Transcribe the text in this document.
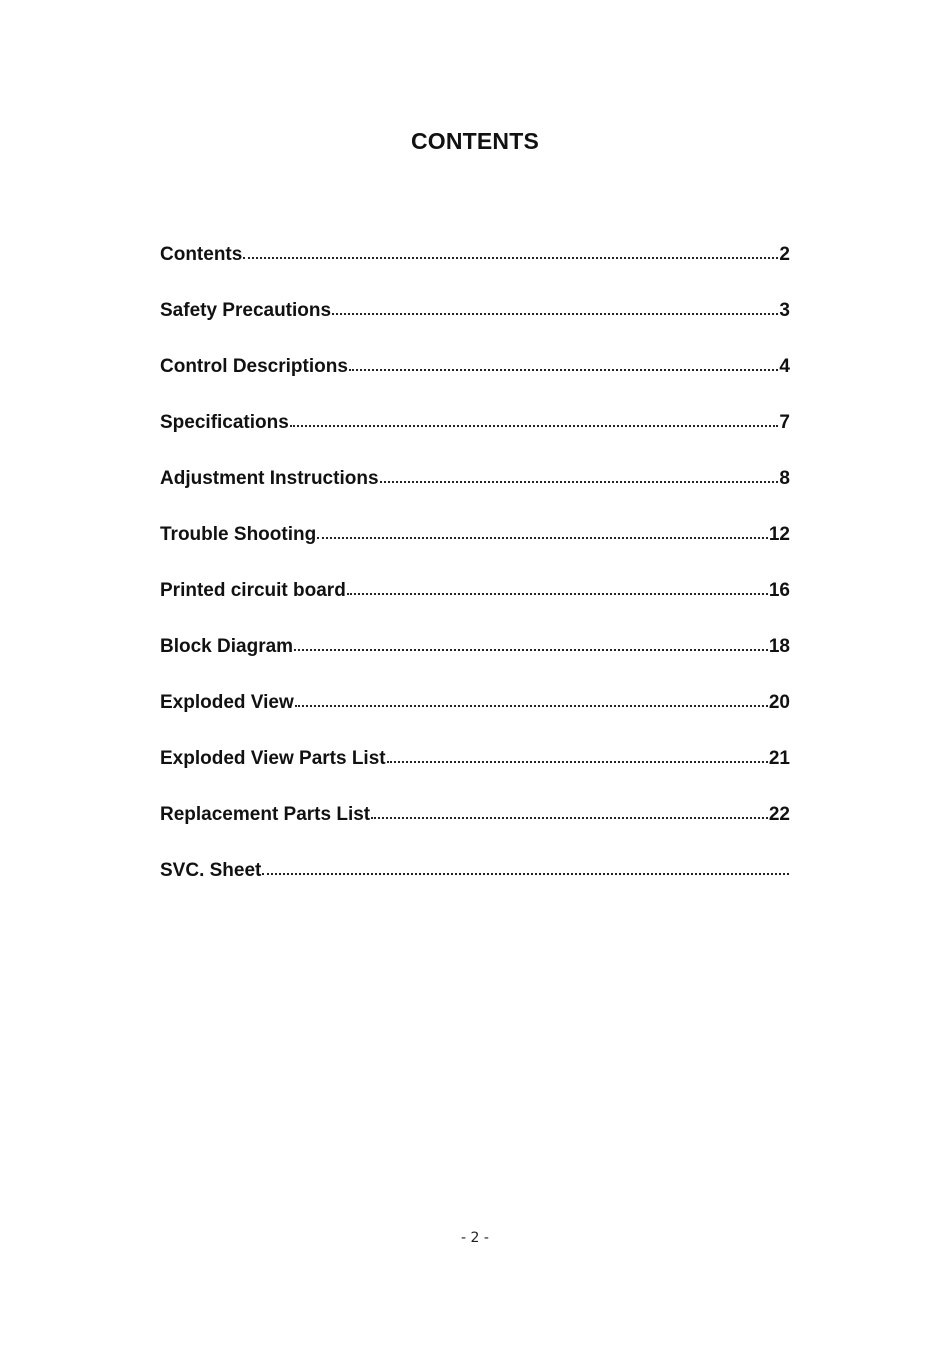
CONTENTS
Contents	2
Safety Precautions	3
Control Descriptions	4
Specifications	7
Adjustment Instructions	8
Trouble Shooting	12
Printed circuit board	16
Block Diagram	18
Exploded View	20
Exploded View Parts List	21
Replacement Parts List	22
SVC. Sheet
- 2 -
